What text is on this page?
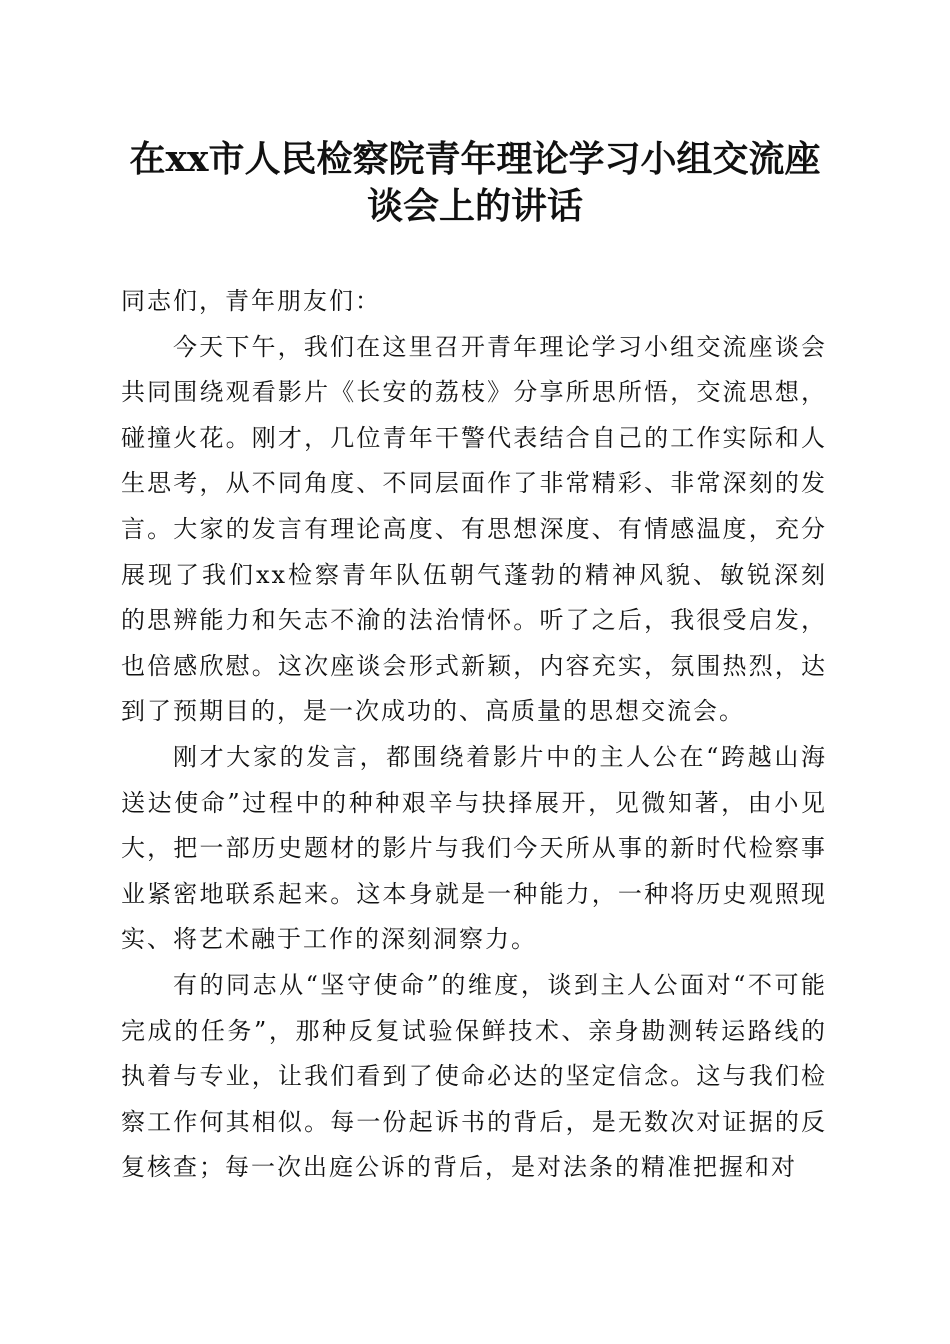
在xx市人民检察院青年理论学习小组交流座
谈会上的讲话

同志们，青年朋友们：

今天下午，我们在这里召开青年理论学习小组交流座谈会共同围绕观看影片《长安的荔枝》分享所思所悟，交流思想，碰撞火花。刚才，几位青年干警代表结合自己的工作实际和人生思考，从不同角度、不同层面作了非常精彩、非常深刻的发言。大家的发言有理论高度、有思想深度、有情感温度，充分展现了我们xx检察青年队伍朝气蓬勃的精神风貌、敏锐深刻的思辨能力和矢志不渝的法治情怀。听了之后，我很受启发，也倍感欣慰。这次座谈会形式新颖，内容充实，氛围热烈，达到了预期目的，是一次成功的、高质量的思想交流会。

刚才大家的发言，都围绕着影片中的主人公在“跨越山海送达使命”过程中的种种艰辛与抉择展开，见微知著，由小见大，把一部历史题材的影片与我们今天所从事的新时代检察事业紧密地联系起来。这本身就是一种能力，一种将历史观照现实、将艺术融于工作的深刻洞察力。

有的同志从“坚守使命”的维度，谈到主人公面对“不可能完成的任务”，那种反复试验保鲜技术、亲身勘测转运路线的执着与专业，让我们看到了使命必达的坚定信念。这与我们检察工作何其相似。每一份起诉书的背后，是无数次对证据的反复核查；每一次出庭公诉的背后，是对法条的精准把握和对
